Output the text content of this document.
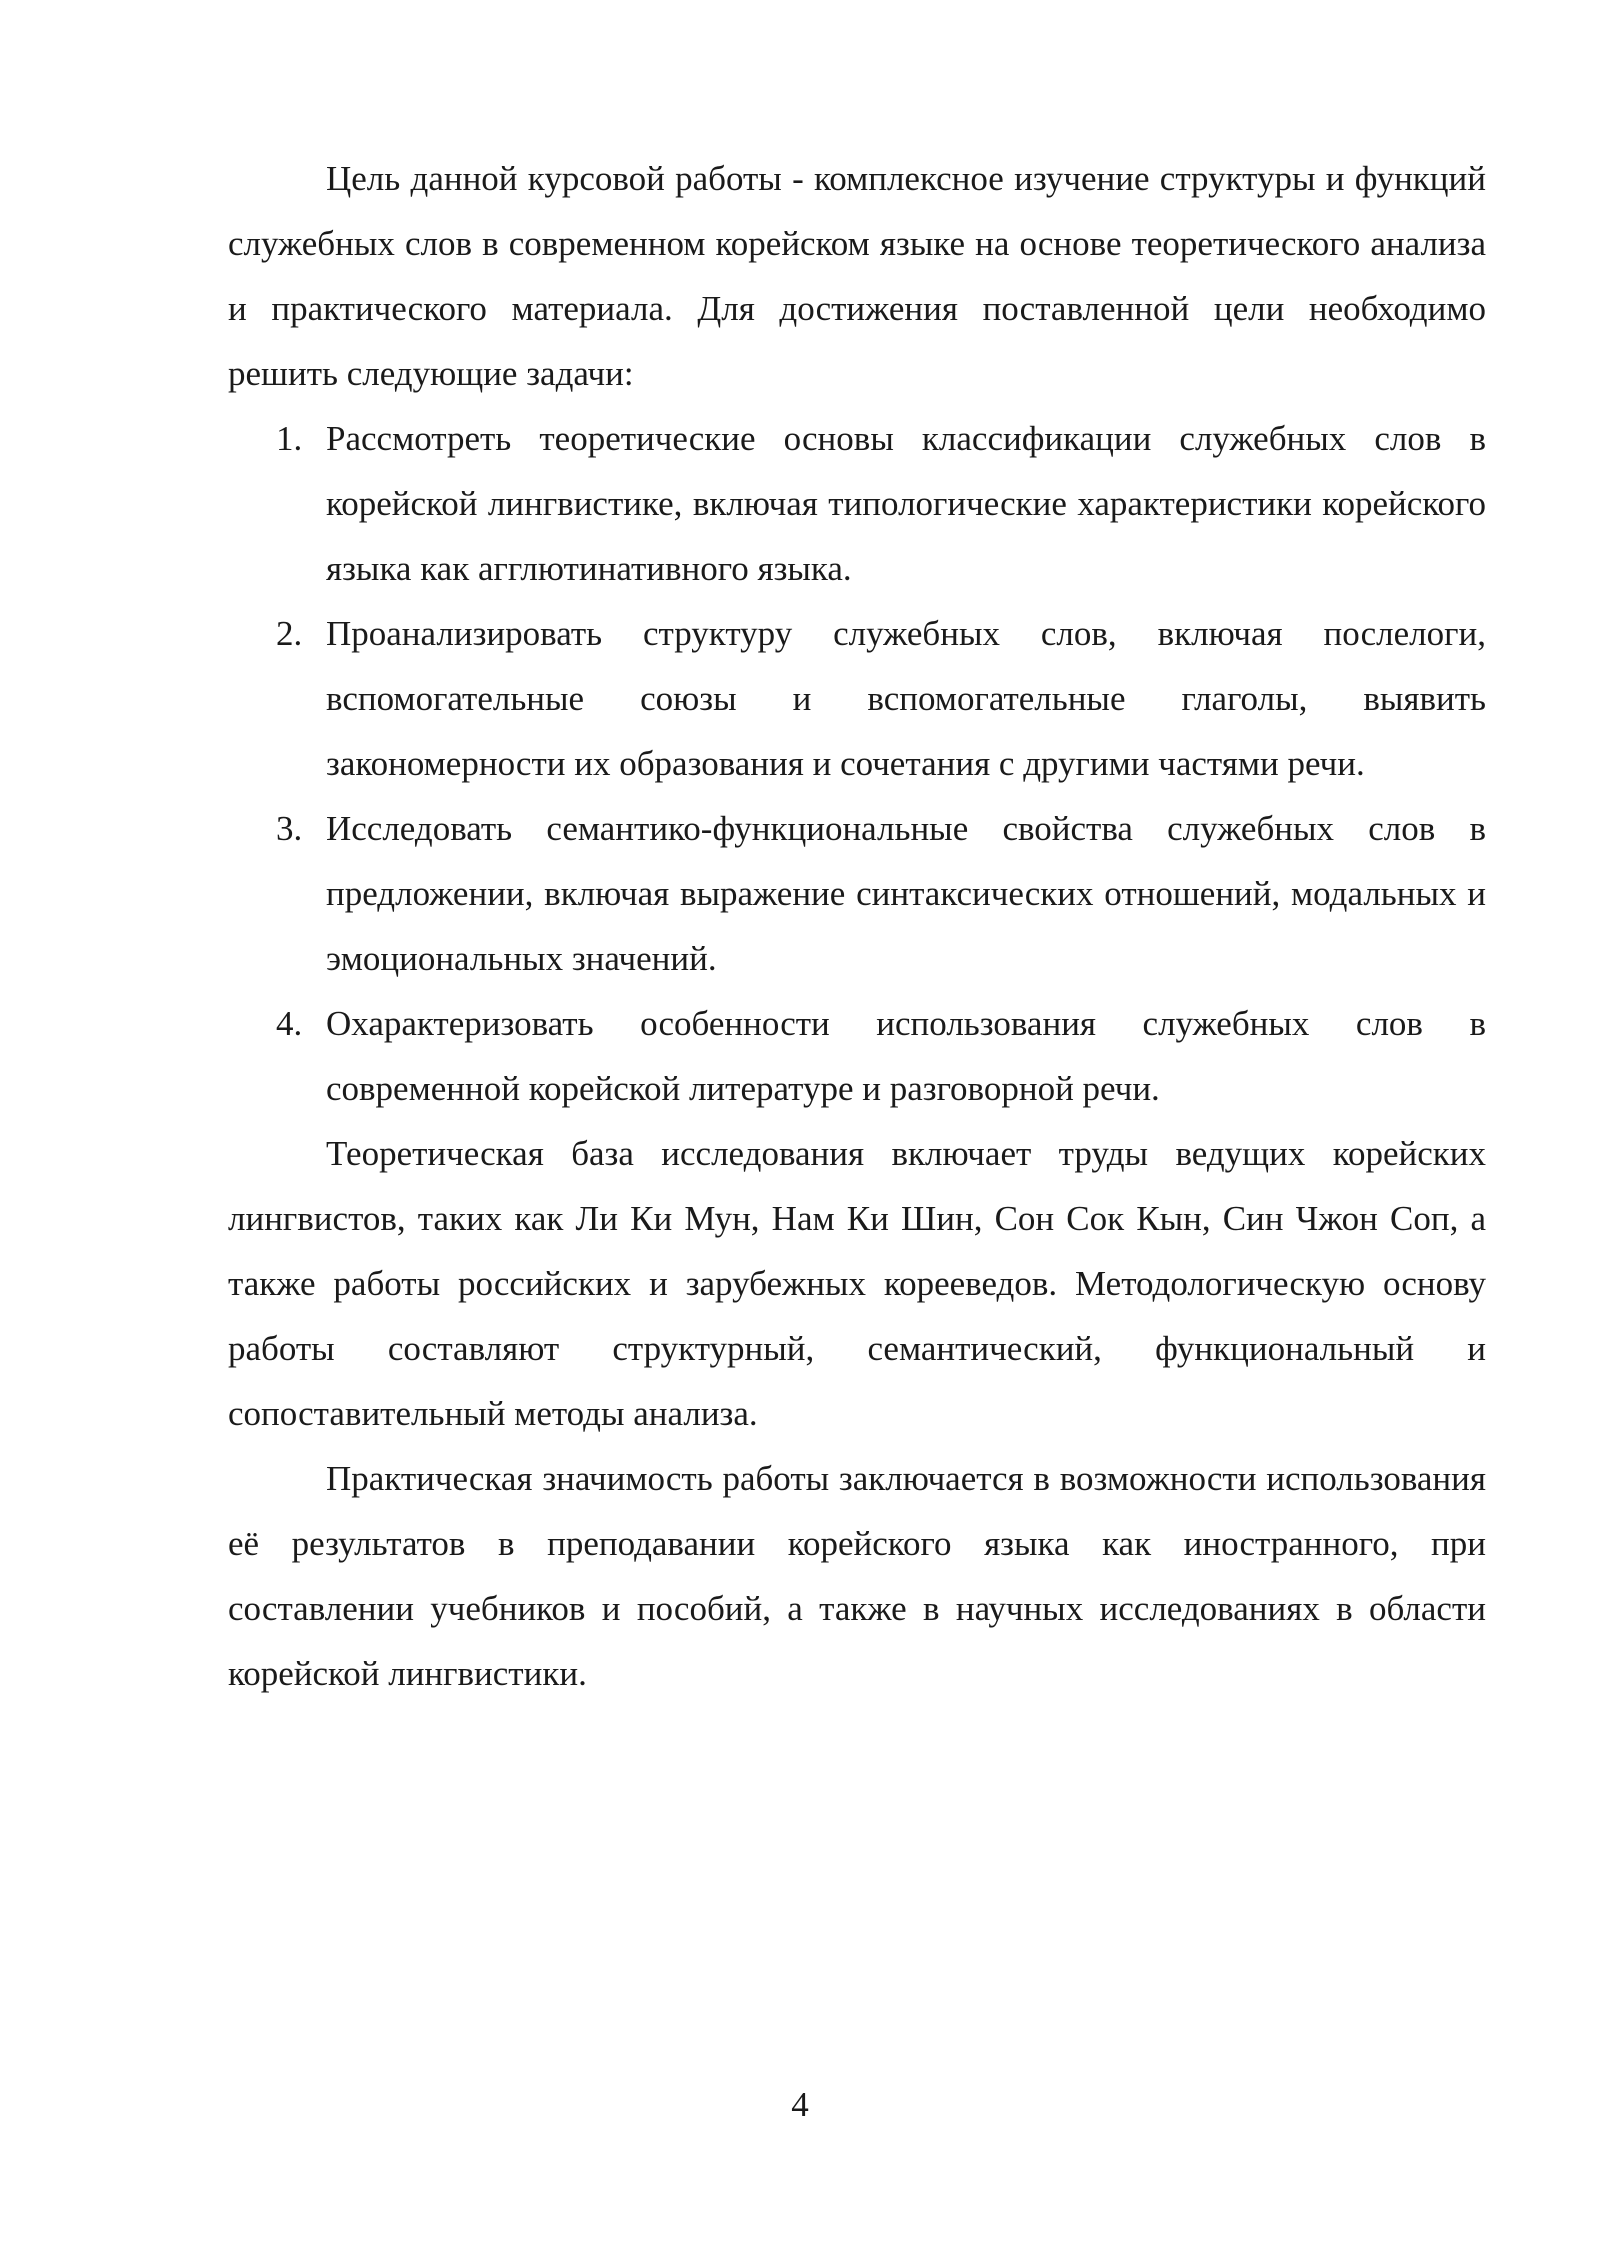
Цель данной курсовой работы - комплексное изучение структуры и функций служебных слов в современном корейском языке на основе теоретического анализа и практического материала. Для достижения поставленной цели необходимо решить следующие задачи:

1. Рассмотреть теоретические основы классификации служебных слов в корейской лингвистике, включая типологические характеристики корейского языка как агглютинативного языка.
2. Проанализировать структуру служебных слов, включая послелоги, вспомогательные союзы и вспомогательные глаголы, выявить закономерности их образования и сочетания с другими частями речи.
3. Исследовать семантико-функциональные свойства служебных слов в предложении, включая выражение синтаксических отношений, модальных и эмоциональных значений.
4. Охарактеризовать особенности использования служебных слов в современной корейской литературе и разговорной речи.

Теоретическая база исследования включает труды ведущих корейских лингвистов, таких как Ли Ки Мун, Нам Ки Шин, Сон Сок Кын, Син Чжон Соп, а также работы российских и зарубежных корееведов. Методологическую основу работы составляют структурный, семантический, функциональный и сопоставительный методы анализа.

Практическая значимость работы заключается в возможности использования её результатов в преподавании корейского языка как иностранного, при составлении учебников и пособий, а также в научных исследованиях в области корейской лингвистики.

4
